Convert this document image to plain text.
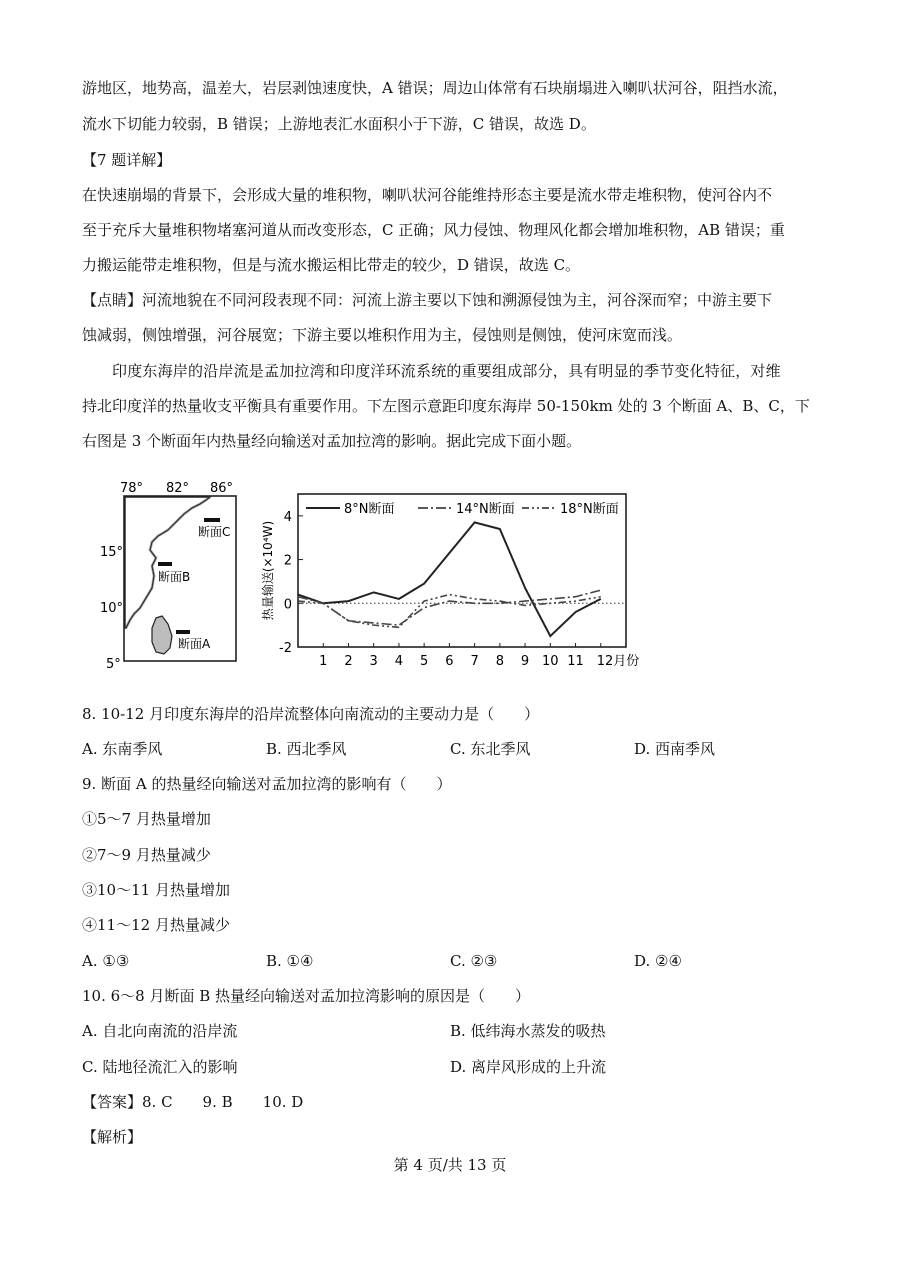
游地区，地势高，温差大，岩层剥蚀速度快，A 错误；周边山体常有石块崩塌进入喇叭状河谷，阻挡水流，
流水下切能力较弱，B 错误；上游地表汇水面积小于下游，C 错误，故选 D。
【7 题详解】
在快速崩塌的背景下，会形成大量的堆积物，喇叭状河谷能维持形态主要是流水带走堆积物，使河谷内不
至于充斥大量堆积物堵塞河道从而改变形态，C 正确；风力侵蚀、物理风化都会增加堆积物，AB 错误；重
力搬运能带走堆积物，但是与流水搬运相比带走的较少，D 错误，故选 C。
【点睛】河流地貌在不同河段表现不同：河流上游主要以下蚀和溯源侵蚀为主，河谷深而窄；中游主要下
蚀减弱，侧蚀增强，河谷展宽；下游主要以堆积作用为主，侵蚀则是侧蚀，使河床宽而浅。
印度东海岸的沿岸流是孟加拉湾和印度洋环流系统的重要组成部分，具有明显的季节变化特征，对维
持北印度洋的热量收支平衡具有重要作用。下左图示意距印度东海岸 50-150km 处的 3 个断面 A、B、C，下
右图是 3 个断面年内热量经向输送对孟加拉湾的影响。据此完成下面小题。
78° 82° 86°
断面C
断面B
断面A
15°
10°
5°
4
2
0
-2
热量输送(×10⁴W)
1 2 3 4 5 6 7 8 9 10 11 12月份
8°N断面	14°N断面	18°N断面
8. 10-12 月印度东海岸的沿岸流整体向南流动的主要动力是（　　）
A. 东南季风	B. 西北季风	C. 东北季风	D. 西南季风
9. 断面 A 的热量经向输送对孟加拉湾的影响有（　　）
①5～7 月热量增加
②7～9 月热量减少
③10～11 月热量增加
④11～12 月热量减少
A. ①③	B. ①④	C. ②③	D. ②④
10. 6～8 月断面 B 热量经向输送对孟加拉湾影响的原因是（　　）
A. 自北向南流的沿岸流	B. 低纬海水蒸发的吸热
C. 陆地径流汇入的影响	D. 离岸风形成的上升流
【答案】8. C　　9. B　　10. D
【解析】
第 4 页/共 13 页
